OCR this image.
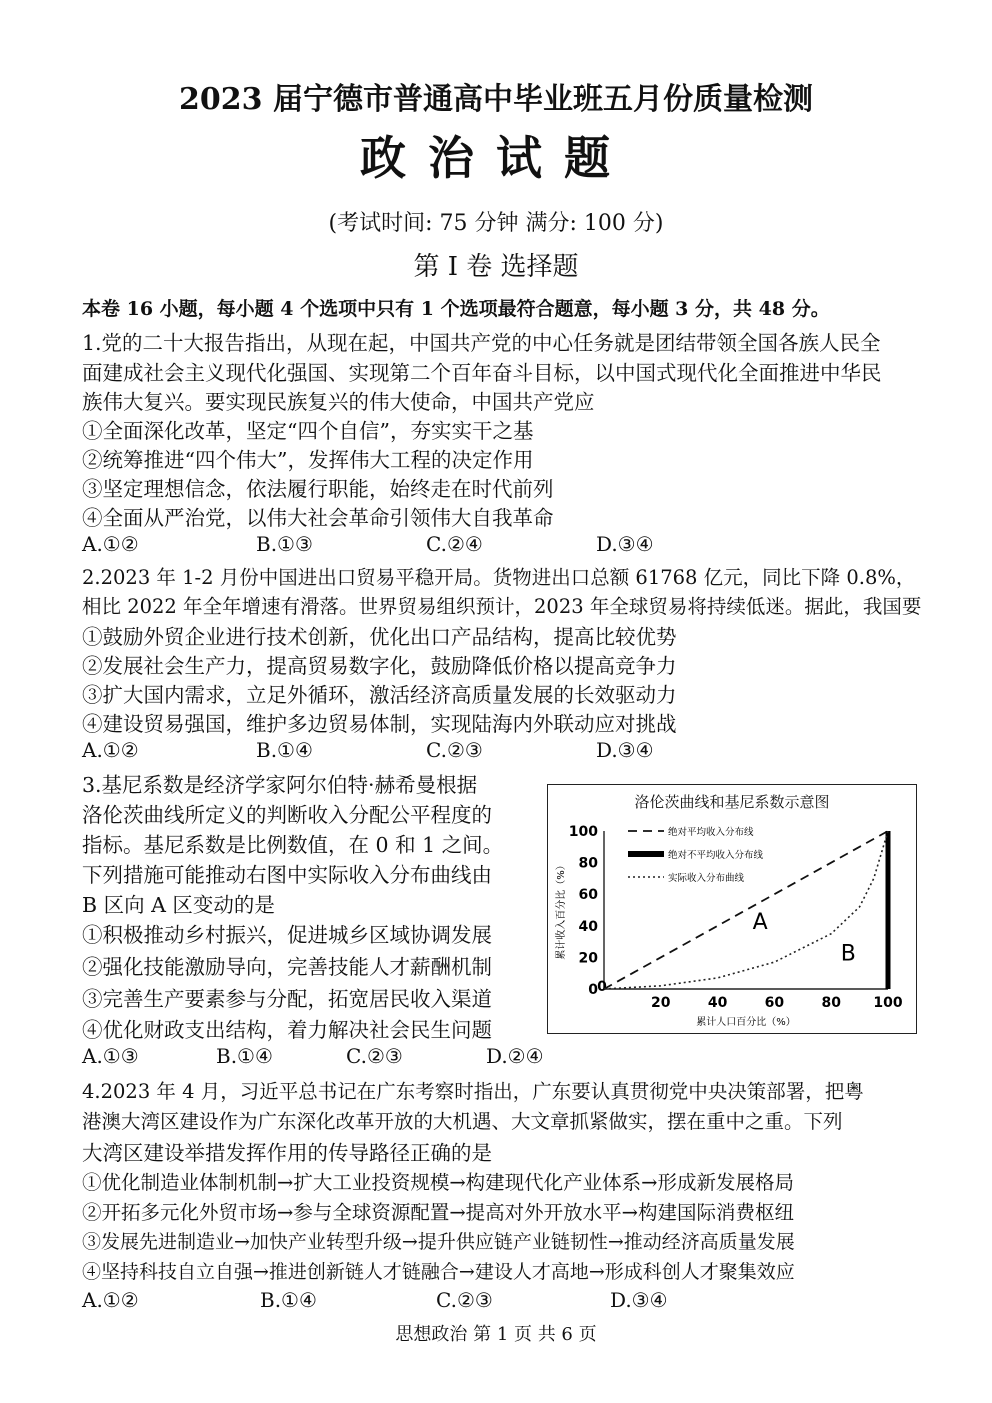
2023 届宁德市普通高中毕业班五月份质量检测
政治试题
(考试时间: 75 分钟 满分: 100 分)
第 I 卷 选择题
本卷 16 小题，每小题 4 个选项中只有 1 个选项最符合题意，每小题 3 分，共 48 分。
1.党的二十大报告指出，从现在起，中国共产党的中心任务就是团结带领全国各族人民全
面建成社会主义现代化强国、实现第二个百年奋斗目标，以中国式现代化全面推进中华民
族伟大复兴。要实现民族复兴的伟大使命，中国共产党应
①全面深化改革，坚定“四个自信”，夯实实干之基
②统筹推进“四个伟大”，发挥伟大工程的决定作用
③坚定理想信念，依法履行职能，始终走在时代前列
④全面从严治党，以伟大社会革命引领伟大自我革命
A.①②	B.①③	C.②④	D.③④
2.2023 年 1-2 月份中国进出口贸易平稳开局。货物进出口总额 61768 亿元，同比下降 0.8%，
相比 2022 年全年增速有滑落。世界贸易组织预计，2023 年全球贸易将持续低迷。据此，我国要
①鼓励外贸企业进行技术创新，优化出口产品结构，提高比较优势
②发展社会生产力，提高贸易数字化，鼓励降低价格以提高竞争力
③扩大国内需求，立足外循环，激活经济高质量发展的长效驱动力
④建设贸易强国，维护多边贸易体制，实现陆海内外联动应对挑战
A.①②	B.①④	C.②③	D.③④
3.基尼系数是经济学家阿尔伯特·赫希曼根据
洛伦茨曲线所定义的判断收入分配公平程度的
指标。基尼系数是比例数值，在 0 和 1 之间。
下列措施可能推动右图中实际收入分布曲线由
B 区向 A 区变动的是
①积极推动乡村振兴，促进城乡区域协调发展
②强化技能激励导向，完善技能人才薪酬机制
③完善生产要素参与分配，拓宽居民收入渠道
④优化财政支出结构，着力解决社会民生问题
A.①③	B.①④	C.②③	D.②④
洛伦茨曲线和基尼系数示意图
0
20
40
60
80
100
20	40	60	80 100
0
累计人口百分比（%）
累计收入百分比（%）
绝对平均收入分布线
绝对不平均收入分布线
实际收入分布曲线
A
B
4.2023 年 4 月，习近平总书记在广东考察时指出，广东要认真贯彻党中央决策部署，把粤
港澳大湾区建设作为广东深化改革开放的大机遇、大文章抓紧做实，摆在重中之重。下列
大湾区建设举措发挥作用的传导路径正确的是
①优化制造业体制机制→扩大工业投资规模→构建现代化产业体系→形成新发展格局
②开拓多元化外贸市场→参与全球资源配置→提高对外开放水平→构建国际消费枢纽
③发展先进制造业→加快产业转型升级→提升供应链产业链韧性→推动经济高质量发展
④坚持科技自立自强→推进创新链人才链融合→建设人才高地→形成科创人才聚集效应
A.①②	B.①④	C.②③	D.③④
思想政治 第 1 页 共 6 页
